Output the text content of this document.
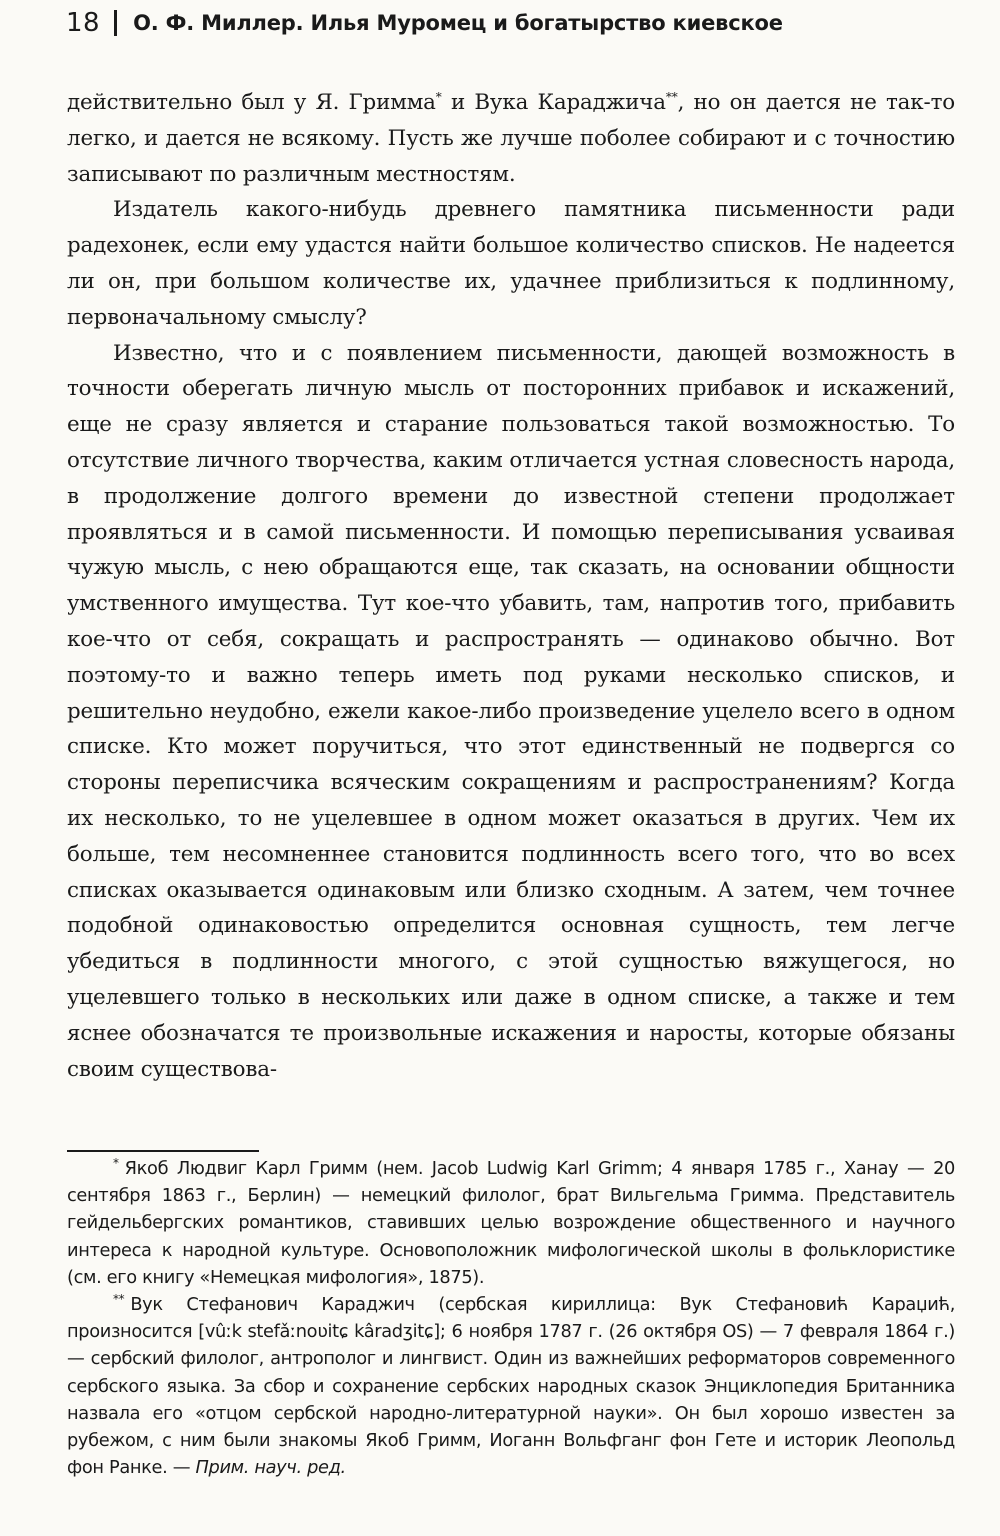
18 О. Ф. Миллер. Илья Муромец и богатырство киевское

действительно был у Я. Гримма* и Вука Караджича**, но он дается не так-то легко, и дается не всякому. Пусть же лучше поболее собирают и с точностию записывают по различным местностям.

Издатель какого-нибудь древнего памятника письменности ради радехонек, если ему удастся найти большое количество списков. Не надеется ли он, при большом количестве их, удачнее приблизиться к подлинному, первоначальному смыслу?

Известно, что и с появлением письменности, дающей возможность в точности оберегать личную мысль от посторонних прибавок и искажений, еще не сразу является и старание пользоваться такой возможностью. То отсутствие личного творчества, каким отличается устная словесность народа, в продолжение долгого времени до известной степени продолжает проявляться и в самой письменности. И помощью переписывания усваивая чужую мысль, с нею обращаются еще, так сказать, на основании общности умственного имущества. Тут кое-что убавить, там, напротив того, прибавить кое-что от себя, сокращать и распространять — одинаково обычно. Вот поэтому-то и важно теперь иметь под руками несколько списков, и решительно неудобно, ежели какое-либо произведение уцелело всего в одном списке. Кто может поручиться, что этот единственный не подвергся со стороны переписчика всяческим сокращениям и распространениям? Когда их несколько, то не уцелевшее в одном может оказаться в других. Чем их больше, тем несомненнее становится подлинность всего того, что во всех списках оказывается одинаковым или близко сходным. А затем, чем точнее подобной одинаковостью определится основная сущность, тем легче убедиться в подлинности многого, с этой сущностью вяжущегося, но уцелевшего только в нескольких или даже в одном списке, а также и тем яснее обозначатся те произвольные искажения и наросты, которые обязаны своим существова-

* Якоб Людвиг Карл Гримм (нем. Jacob Ludwig Karl Grimm; 4 января 1785 г., Ханау — 20 сентября 1863 г., Берлин) — немецкий филолог, брат Вильгельма Гримма. Представитель гейдельбергских романтиков, ставивших целью возрождение общественного и научного интереса к народной культуре. Основоположник мифологической школы в фольклористике (см. его книгу «Немецкая мифология», 1875).

** Вук Стефанович Караджич (сербская кириллица: Вук Стефановић Караџић, произносится [vûːk stefǎːnoʋitɕ kâradʒitɕ]; 6 ноября 1787 г. (26 октября OS) — 7 февраля 1864 г.) — сербский филолог, антрополог и лингвист. Один из важнейших реформаторов современного сербского языка. За сбор и сохранение сербских народных сказок Энциклопедия Британника назвала его «отцом сербской народно-литературной науки». Он был хорошо известен за рубежом, с ним были знакомы Якоб Гримм, Иоганн Вольфганг фон Гете и историк Леопольд фон Ранке. — Прим. науч. ред.
